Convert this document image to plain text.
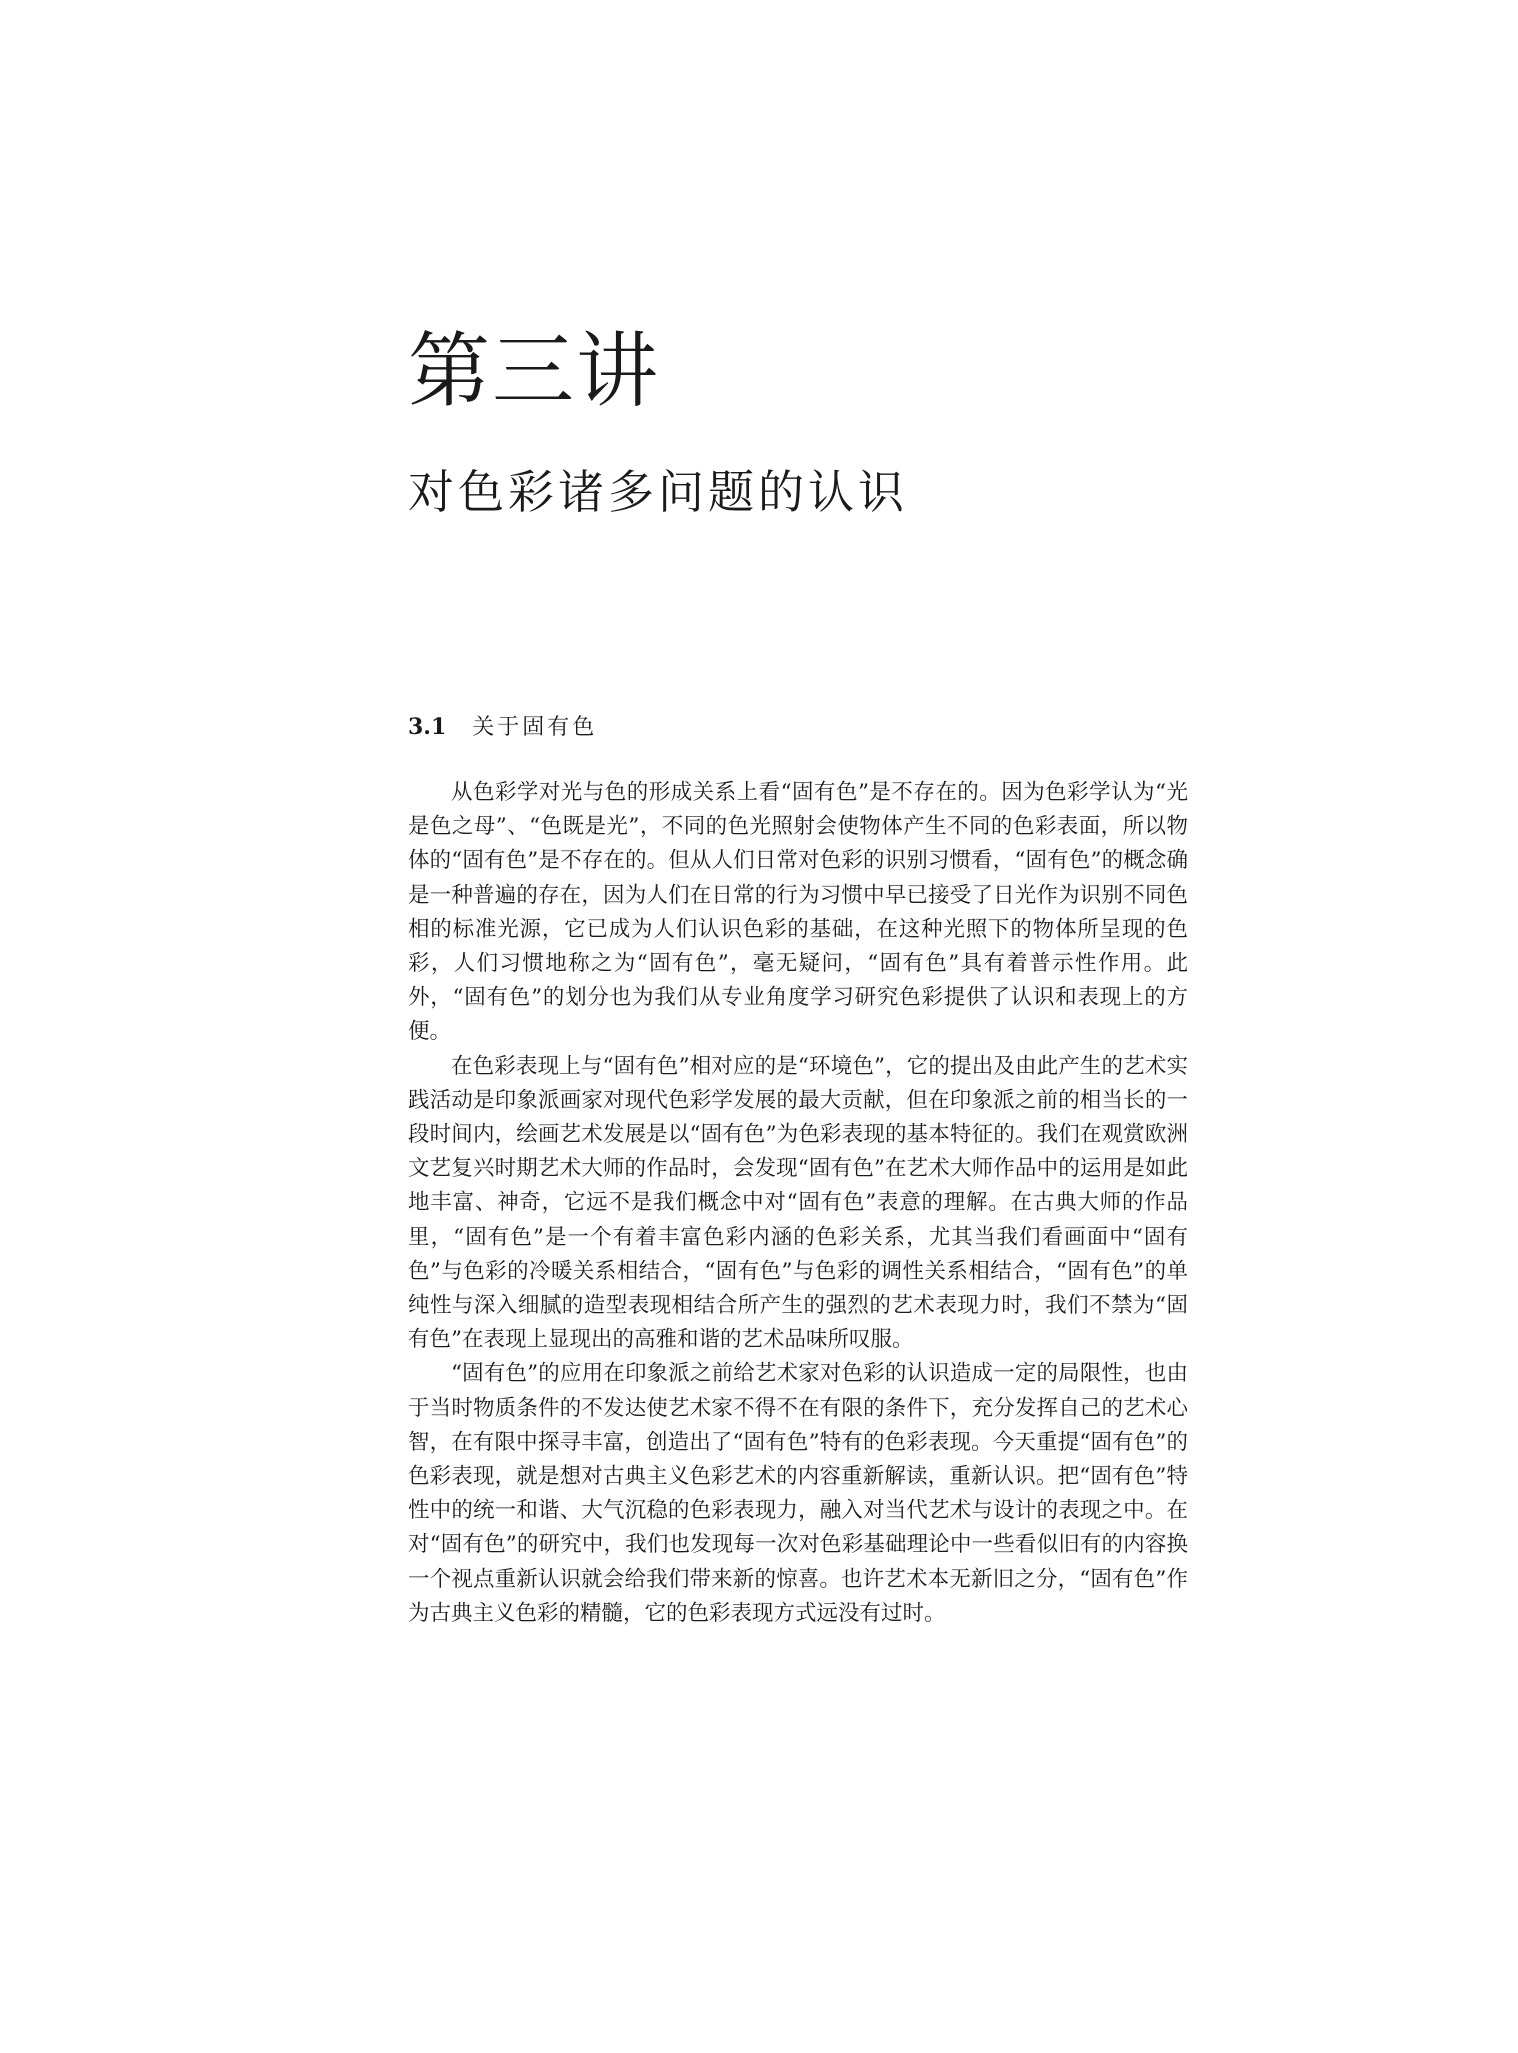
第三讲
对色彩诸多问题的认识
3.1 关于固有色

从色彩学对光与色的形成关系上看“固有色”是不存在的。因为色彩学认为“光是色之母”、“色既是光”，不同的色光照射会使物体产生不同的色彩表面，所以物体的“固有色”是不存在的。但从人们日常对色彩的识别习惯看，“固有色”的概念确是一种普遍的存在，因为人们在日常的行为习惯中早已接受了日光作为识别不同色相的标准光源，它已成为人们认识色彩的基础，在这种光照下的物体所呈现的色彩，人们习惯地称之为“固有色”，毫无疑问，“固有色”具有着普示性作用。此外，“固有色”的划分也为我们从专业角度学习研究色彩提供了认识和表现上的方便。

在色彩表现上与“固有色”相对应的是“环境色”，它的提出及由此产生的艺术实践活动是印象派画家对现代色彩学发展的最大贡献，但在印象派之前的相当长的一段时间内，绘画艺术发展是以“固有色”为色彩表现的基本特征的。我们在观赏欧洲文艺复兴时期艺术大师的作品时，会发现“固有色”在艺术大师作品中的运用是如此地丰富、神奇，它远不是我们概念中对“固有色”表意的理解。在古典大师的作品里，“固有色”是一个有着丰富色彩内涵的色彩关系，尤其当我们看画面中“固有色”与色彩的冷暖关系相结合，“固有色”与色彩的调性关系相结合，“固有色”的单纯性与深入细腻的造型表现相结合所产生的强烈的艺术表现力时，我们不禁为“固有色”在表现上显现出的高雅和谐的艺术品味所叹服。

“固有色”的应用在印象派之前给艺术家对色彩的认识造成一定的局限性，也由于当时物质条件的不发达使艺术家不得不在有限的条件下，充分发挥自己的艺术心智，在有限中探寻丰富，创造出了“固有色”特有的色彩表现。今天重提“固有色”的色彩表现，就是想对古典主义色彩艺术的内容重新解读，重新认识。把“固有色”特性中的统一和谐、大气沉稳的色彩表现力，融入对当代艺术与设计的表现之中。在对“固有色”的研究中，我们也发现每一次对色彩基础理论中一些看似旧有的内容换一个视点重新认识就会给我们带来新的惊喜。也许艺术本无新旧之分，“固有色”作为古典主义色彩的精髓，它的色彩表现方式远没有过时。
